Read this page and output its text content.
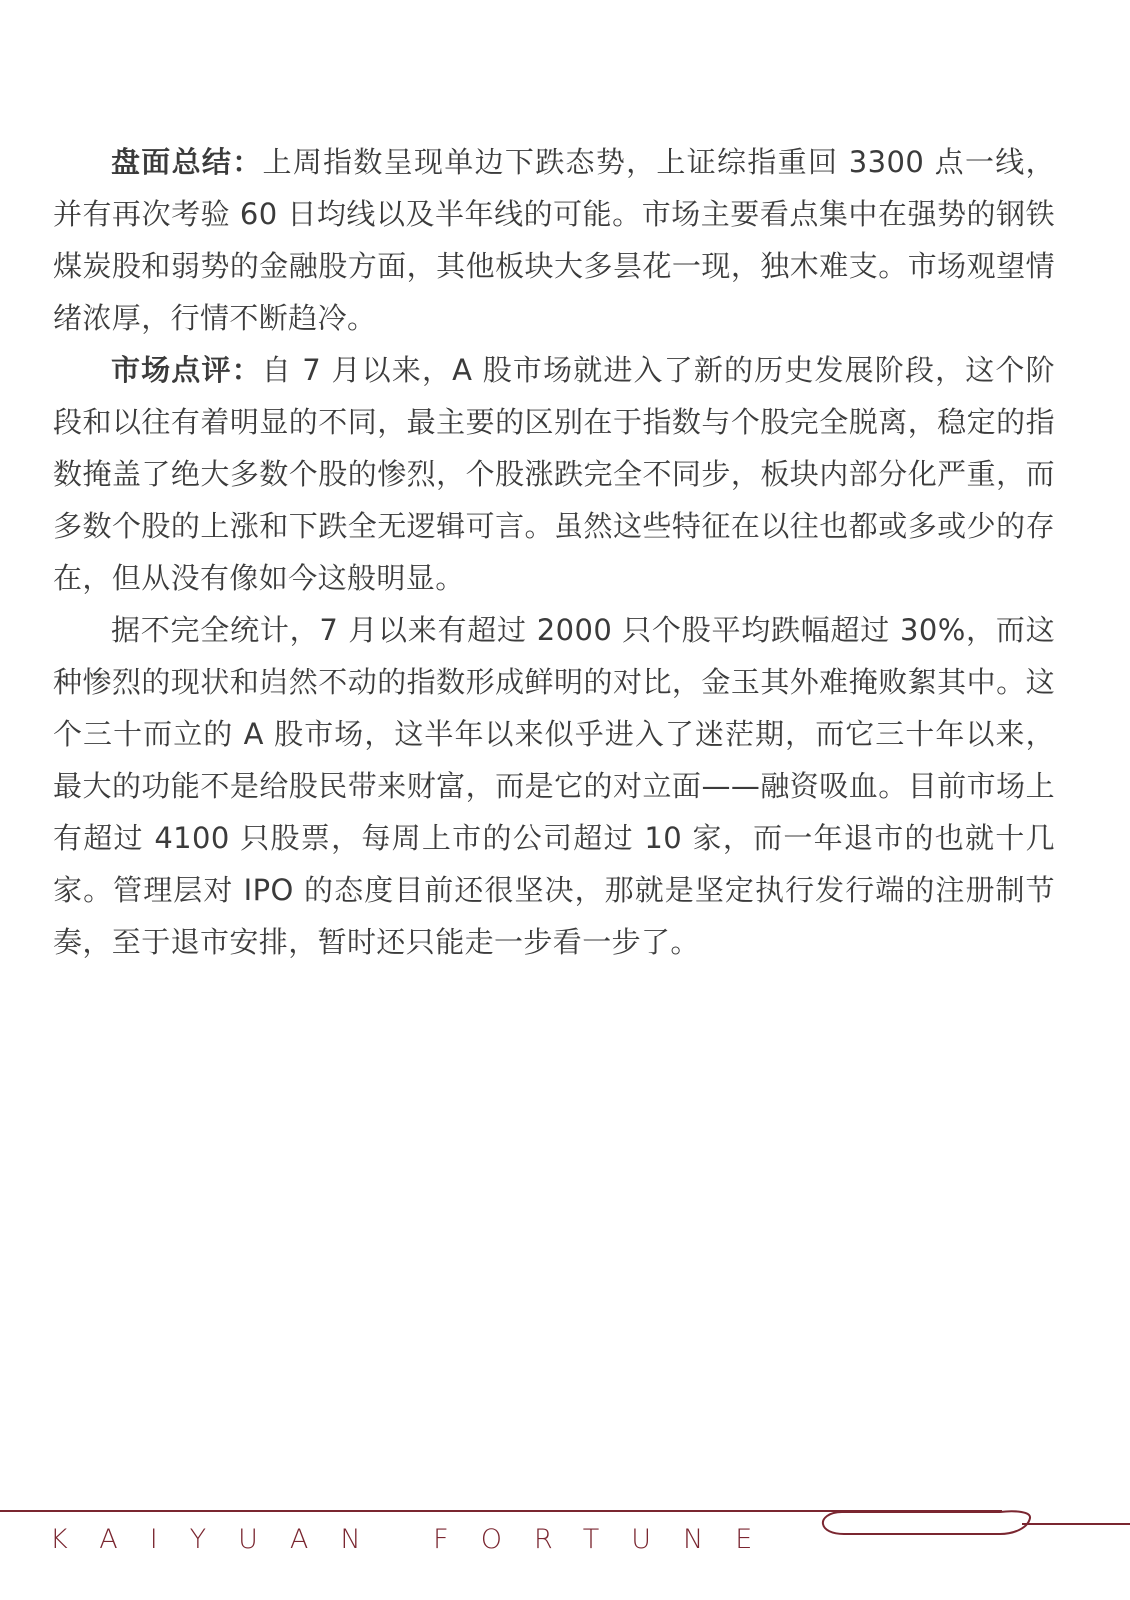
盘面总结：上周指数呈现单边下跌态势，上证综指重回 3300 点一线，并有再次考验 60 日均线以及半年线的可能。市场主要看点集中在强势的钢铁煤炭股和弱势的金融股方面，其他板块大多昙花一现，独木难支。市场观望情绪浓厚，行情不断趋冷。

市场点评：自 7 月以来，A 股市场就进入了新的历史发展阶段，这个阶段和以往有着明显的不同，最主要的区别在于指数与个股完全脱离，稳定的指数掩盖了绝大多数个股的惨烈，个股涨跌完全不同步，板块内部分化严重，而多数个股的上涨和下跌全无逻辑可言。虽然这些特征在以往也都或多或少的存在，但从没有像如今这般明显。

据不完全统计，7 月以来有超过 2000 只个股平均跌幅超过 30%，而这种惨烈的现状和岿然不动的指数形成鲜明的对比，金玉其外难掩败絮其中。这个三十而立的 A 股市场，这半年以来似乎进入了迷茫期，而它三十年以来，最大的功能不是给股民带来财富，而是它的对立面——融资吸血。目前市场上有超过 4100 只股票，每周上市的公司超过 10 家，而一年退市的也就十几家。管理层对 IPO 的态度目前还很坚决，那就是坚定执行发行端的注册制节奏，至于退市安排，暂时还只能走一步看一步了。

KAIYUAN FORTUNE
